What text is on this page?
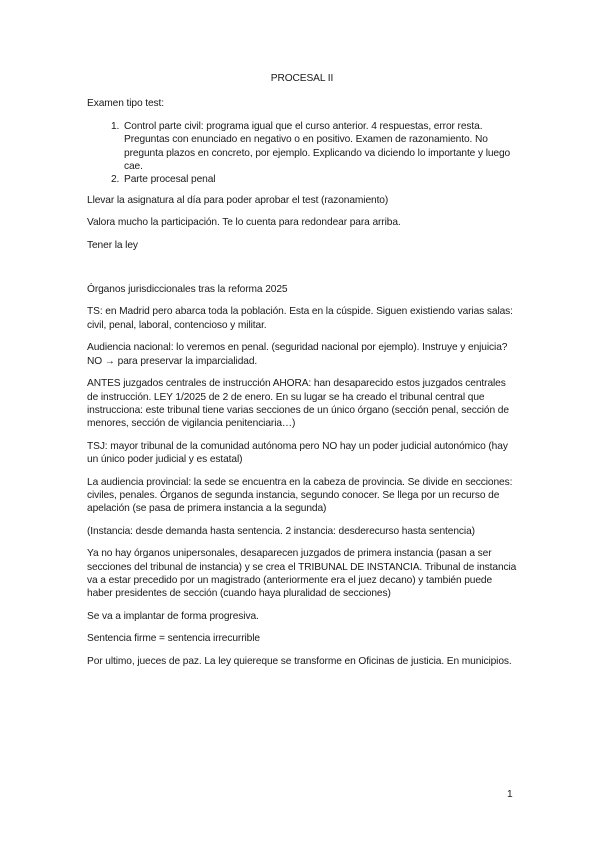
PROCESAL II

Examen tipo test:

1. Control parte civil: programa igual que el curso anterior. 4 respuestas, error resta. Preguntas con enunciado en negativo o en positivo. Examen de razonamiento. No pregunta plazos en concreto, por ejemplo. Explicando va diciendo lo importante y luego cae.
2. Parte procesal penal

Llevar la asignatura al día para poder aprobar el test (razonamiento)

Valora mucho la participación. Te lo cuenta para redondear para arriba.

Tener la ley

Órganos jurisdiccionales tras la reforma 2025

TS: en Madrid pero abarca toda la población. Esta en la cúspide. Siguen existiendo varias salas: civil, penal, laboral, contencioso y militar.

Audiencia nacional: lo veremos en penal. (seguridad nacional por ejemplo). Instruye y enjuicia? NO → para preservar la imparcialidad.

ANTES juzgados centrales de instrucción AHORA: han desaparecido estos juzgados centrales de instrucción. LEY 1/2025 de 2 de enero. En su lugar se ha creado el tribunal central que instrucciona: este tribunal tiene varias secciones de un único órgano (sección penal, sección de menores, sección de vigilancia penitenciaria…)

TSJ: mayor tribunal de la comunidad autónoma pero NO hay un poder judicial autonómico (hay un único poder judicial y es estatal)

La audiencia provincial: la sede se encuentra en la cabeza de provincia. Se divide en secciones: civiles, penales. Órganos de segunda instancia, segundo conocer. Se llega por un recurso de apelación (se pasa de primera instancia a la segunda)

(Instancia: desde demanda hasta sentencia. 2 instancia: desderecurso hasta sentencia)

Ya no hay órganos unipersonales, desaparecen juzgados de primera instancia (pasan a ser secciones del tribunal de instancia) y se crea el TRIBUNAL DE INSTANCIA. Tribunal de instancia va a estar precedido por un magistrado (anteriormente era el juez decano) y también puede haber presidentes de sección (cuando haya pluralidad de secciones)

Se va a implantar de forma progresiva.

Sentencia firme = sentencia irrecurrible

Por ultimo, jueces de paz. La ley quiereque se transforme en Oficinas de justicia. En municipios.

1
